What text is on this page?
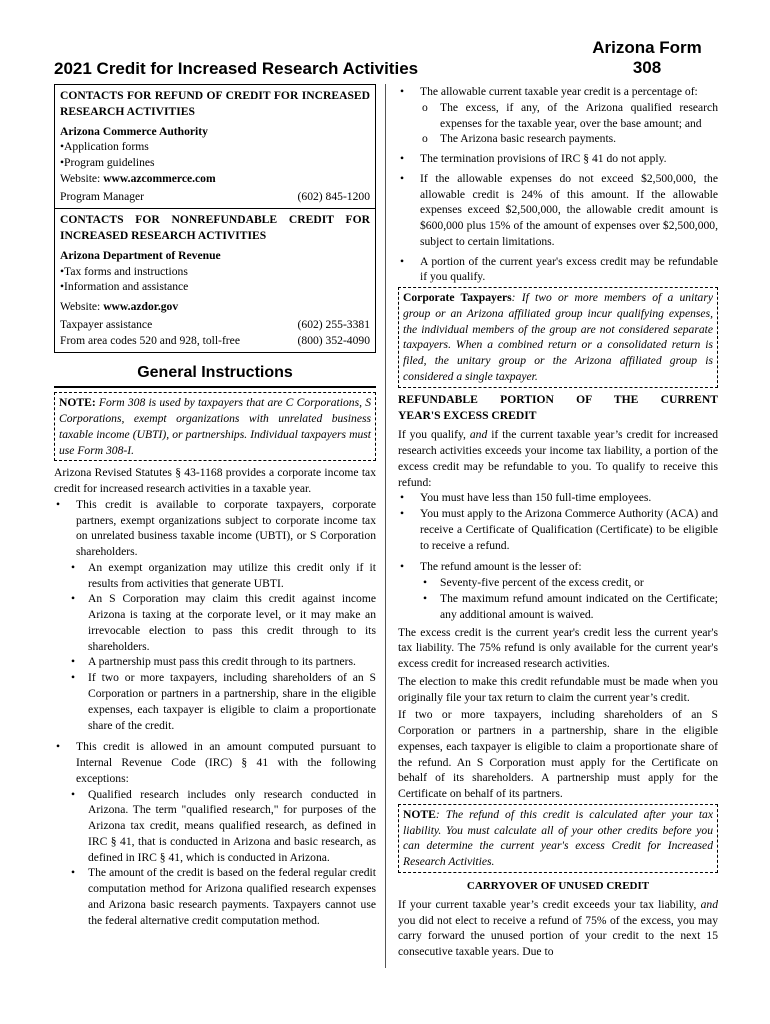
Arizona Form
308
2021 Credit for Increased Research Activities
CONTACTS FOR REFUND OF CREDIT FOR INCREASED RESEARCH ACTIVITIES
Arizona Commerce Authority
•Application forms
•Program guidelines
Website: www.azcommerce.com
Program Manager	(602) 845-1200
CONTACTS FOR NONREFUNDABLE CREDIT FOR INCREASED RESEARCH ACTIVITIES
Arizona Department of Revenue
•Tax forms and instructions
•Information and assistance
Website: www.azdor.gov
Taxpayer assistance	(602) 255-3381
From area codes 520 and 928, toll-free	(800) 352-4090
General Instructions
NOTE: Form 308 is used by taxpayers that are C Corporations, S Corporations, exempt organizations with unrelated business taxable income (UBTI), or partnerships. Individual taxpayers must use Form 308-I.

Arizona Revised Statutes § 43-1168 provides a corporate income tax credit for increased research activities in a taxable year.

• This credit is available to corporate taxpayers, corporate partners, exempt organizations subject to corporate income tax on unrelated business taxable income (UBTI), or S Corporation shareholders.
• An exempt organization may utilize this credit only if it results from activities that generate UBTI.
• An S Corporation may claim this credit against income Arizona is taxing at the corporate level, or it may make an irrevocable election to pass this credit through to its shareholders.
• A partnership must pass this credit through to its partners.
• If two or more taxpayers, including shareholders of an S Corporation or partners in a partnership, share in the eligible expenses, each taxpayer is eligible to claim a proportionate share of the credit.
• This credit is allowed in an amount computed pursuant to Internal Revenue Code (IRC) § 41 with the following exceptions:
• Qualified research includes only research conducted in Arizona. The term "qualified research," for purposes of the Arizona tax credit, means qualified research, as defined in IRC § 41, that is conducted in Arizona and basic research, as defined in IRC § 41, which is conducted in Arizona.
• The amount of the credit is based on the federal regular credit computation method for Arizona qualified research expenses and Arizona basic research payments. Taxpayers cannot use the federal alternative credit computation method.
• The allowable current taxable year credit is a percentage of:
o The excess, if any, of the Arizona qualified research expenses for the taxable year, over the base amount; and
o The Arizona basic research payments.
• The termination provisions of IRC § 41 do not apply.
• If the allowable expenses do not exceed $2,500,000, the allowable credit is 24% of this amount. If the allowable expenses exceed $2,500,000, the allowable credit amount is $600,000 plus 15% of the amount of expenses over $2,500,000, subject to certain limitations.
• A portion of the current year's excess credit may be refundable if you qualify.
Corporate Taxpayers: If two or more members of a unitary group or an Arizona affiliated group incur qualifying expenses, the individual members of the group are not considered separate taxpayers. When a combined return or a consolidated return is filed, the unitary group or the Arizona affiliated group is considered a single taxpayer.
REFUNDABLE PORTION OF THE CURRENT
YEAR'S EXCESS CREDIT

If you qualify, and if the current taxable year’s credit for increased research activities exceeds your income tax liability, a portion of the excess credit may be refundable to you. To qualify to receive this refund:

• You must have less than 150 full-time employees.
• You must apply to the Arizona Commerce Authority (ACA) and receive a Certificate of Qualification (Certificate) to be eligible to receive a refund.
• The refund amount is the lesser of:
• Seventy-five percent of the excess credit, or
• The maximum refund amount indicated on the Certificate; any additional amount is waived.

The excess credit is the current year's credit less the current year's tax liability. The 75% refund is only available for the current year's excess credit for increased research activities.

The election to make this credit refundable must be made when you originally file your tax return to claim the current year’s credit.

If two or more taxpayers, including shareholders of an S Corporation or partners in a partnership, share in the eligible expenses, each taxpayer is eligible to claim a proportionate share of the refund. An S Corporation must apply for the Certificate on behalf of its shareholders. A partnership must apply for the Certificate on behalf of its partners.

NOTE: The refund of this credit is calculated after your tax liability. You must calculate all of your other credits before you can determine the current year's excess Credit for Increased Research Activities.
CARRYOVER OF UNUSED CREDIT

If your current taxable year’s credit exceeds your tax liability, and you did not elect to receive a refund of 75% of the excess, you may carry forward the unused portion of your credit to the next 15 consecutive taxable years. Due to
